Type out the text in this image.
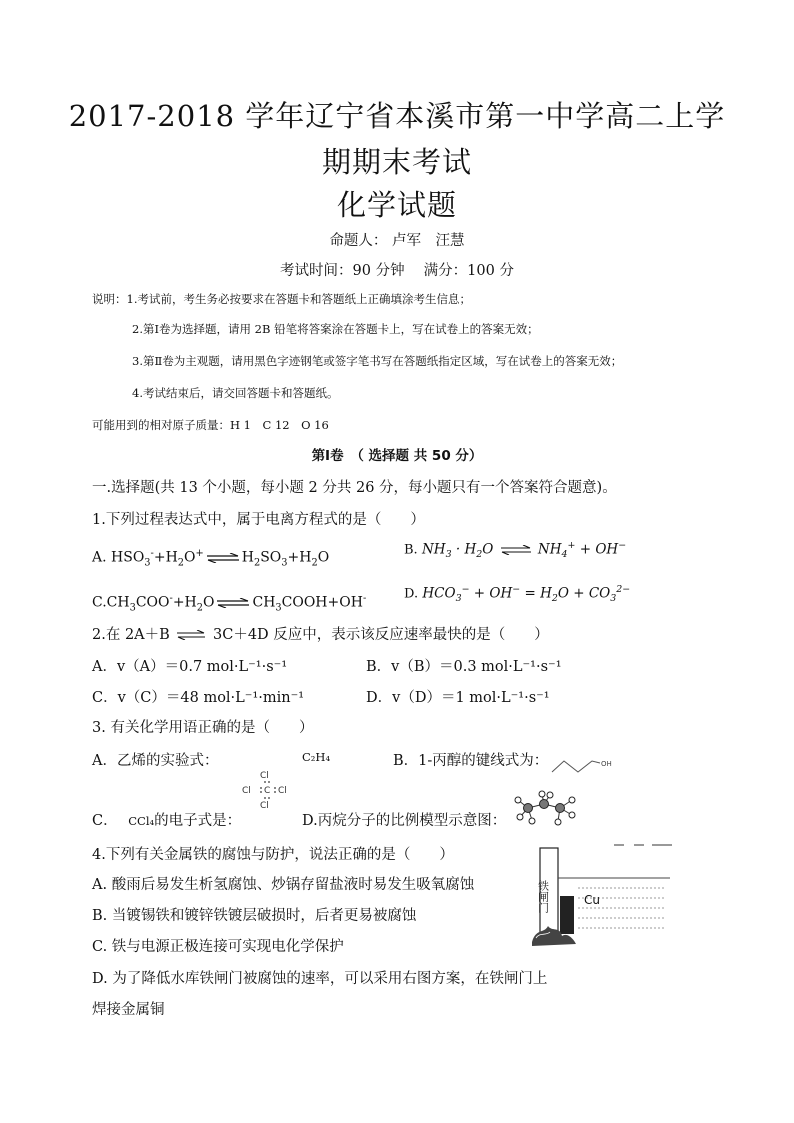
2017-2018 学年辽宁省本溪市第一中学高二上学
期期末考试
化学试题
命题人： 卢军　汪慧
考试时间：90 分钟　 满分：100 分
说明：1.考试前，考生务必按要求在答题卡和答题纸上正确填涂考生信息；
2.第Ⅰ卷为选择题，请用 2B 铅笔将答案涂在答题卡上，写在试卷上的答案无效；
3.第Ⅱ卷为主观题，请用黑色字迹钢笔或签字笔书写在答题纸指定区域，写在试卷上的答案无效；
4.考试结束后，请交回答题卡和答题纸。
可能用到的相对原子质量：H 1　C 12　O 16
第Ⅰ卷　（ 选择题 共 50 分）
一.选择题(共 13 个小题，每小题 2 分共 26 分，每小题只有一个答案符合题意)。
1.下列过程表达式中，属于电离方程式的是（　　）
A. $HSO_3^-+H_2O^+$ ⇌ $H_2SO_3+H_2O$	B. $NH_3 \cdot H_2O$ ⇌ $NH_4^+ + OH^-$
$C.CH_3COO^-+H_2O$ ⇌ $CH_3COOH+OH^-$	D. $HCO_3^- + OH^- = H_2O + CO_3^{2-}$
2.在 2A＋B ⇌ 3C＋4D 反应中，表示该反应速率最快的是（　　）
A．v（A）＝0.7 mol·L⁻¹·s⁻¹	B．v（B）＝0.3 mol·L⁻¹·s⁻¹
C．v（C）＝48 mol·L⁻¹·min⁻¹	D．v（D）＝1 mol·L⁻¹·s⁻¹
3. 有关化学用语正确的是（　　）
A．乙烯的实验式：	C₂H₄	B．1-丙醇的键线式为：	OH
Cl
Cl C Cl
Cl
C． CCl₄的电子式是：	D.丙烷分子的比例模型示意图：
4.下列有关金属铁的腐蚀与防护，说法正确的是（　　）
A. 酸雨后易发生析氢腐蚀、炒锅存留盐液时易发生吸氧腐蚀
B. 当镀锡铁和镀锌铁镀层破损时，后者更易被腐蚀
C. 铁与电源正极连接可实现电化学保护
D. 为了降低水库铁闸门被腐蚀的速率，可以采用右图方案，在铁闸门上
焊接金属铜
铁闸门	Cu
